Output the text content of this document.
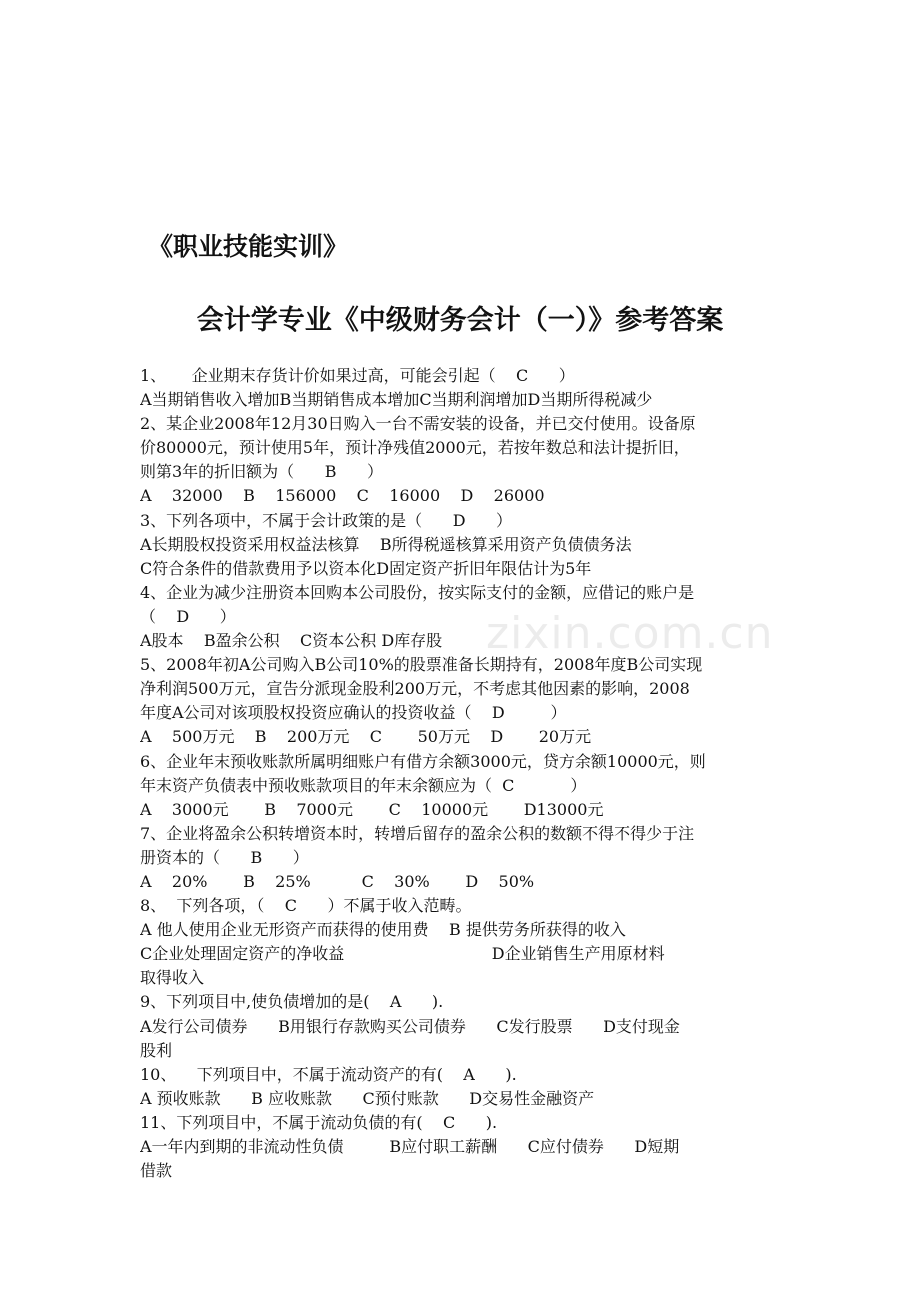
《职业技能实训》
会计学专业《中级财务会计（一）》参考答案
1、     企业期末存货计价如果过高，可能会引起（    C      ）
A当期销售收入增加B当期销售成本增加C当期利润增加D当期所得税减少
2、某企业2008年12月30日购入一台不需安装的设备，并已交付使用。设备原
价80000元，预计使用5年，预计净残值2000元，若按年数总和法计提折旧，
则第3年的折旧额为（      B      ）
A    32000    B    156000    C    16000    D    26000
3、下列各项中，不属于会计政策的是（      D      ）
A长期股权投资采用权益法核算    B所得税遥核算采用资产负债债务法
C符合条件的借款费用予以资本化D固定资产折旧年限估计为5年
4、企业为减少注册资本回购本公司股份，按实际支付的金额，应借记的账户是
（    D      ）
A股本    B盈余公积    C资本公积 D库存股
5、2008年初A公司购入B公司10%的股票准备长期持有，2008年度B公司实现
净利润500万元，宣告分派现金股利200万元，不考虑其他因素的影响，2008
年度A公司对该项股权投资应确认的投资收益（    D         ）
A    500万元    B    200万元    C       50万元    D       20万元
6、企业年末预收账款所属明细账户有借方余额3000元，贷方余额10000元，则
年末资产负债表中预收账款项目的年末余额应为（  C           ）
A    3000元       B    7000元       C    10000元       D13000元
7、企业将盈余公积转增资本时，转增后留存的盈余公积的数额不得不得少于注
册资本的（      B      ）
A    20%       B    25%          C    30%       D    50%
8、  下列各项，（    C      ）不属于收入范畴。
A 他人使用企业无形资产而获得的使用费    B 提供劳务所获得的收入
C企业处理固定资产的净收益                             D企业销售生产用原材料
取得收入
9、下列项目中,使负债增加的是(    A      ).
A发行公司债券      B用银行存款购买公司债券      C发行股票      D支付现金
股利
10、    下列项目中，不属于流动资产的有(    A      ).
A 预收账款      B 应收账款      C预付账款      D交易性金融资产
11、下列项目中，不属于流动负债的有(    C      ).
A一年内到期的非流动性负债         B应付职工薪酬      C应付债券      D短期
借款
zixin.com.cn
